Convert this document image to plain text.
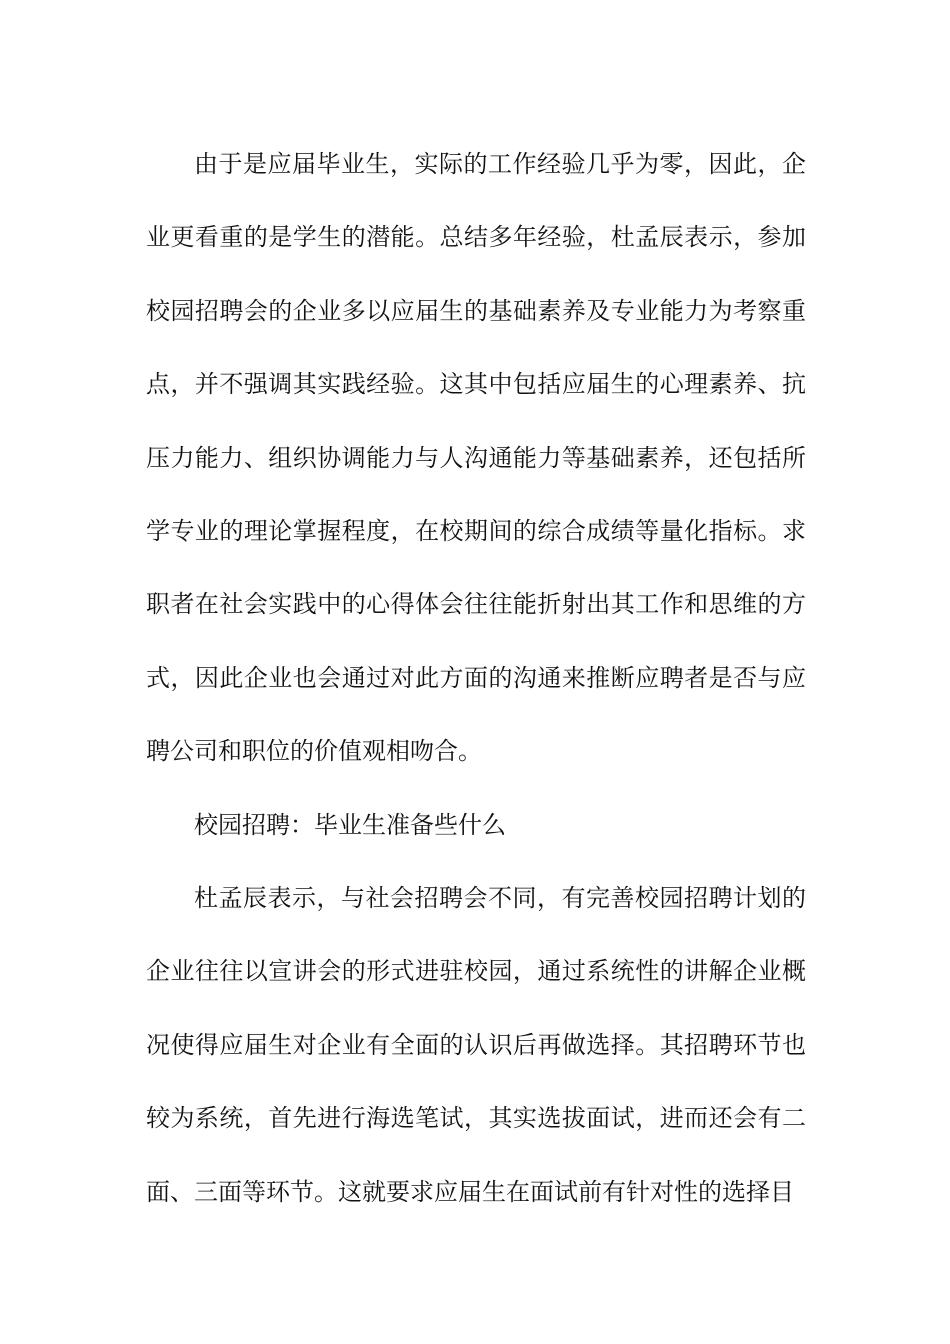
由于是应届毕业生，实际的工作经验几乎为零，因此，企业更看重的是学生的潜能。总结多年经验，杜孟辰表示，参加校园招聘会的企业多以应届生的基础素养及专业能力为考察重点，并不强调其实践经验。这其中包括应届生的心理素养、抗压力能力、组织协调能力与人沟通能力等基础素养，还包括所学专业的理论掌握程度，在校期间的综合成绩等量化指标。求职者在社会实践中的心得体会往往能折射出其工作和思维的方式，因此企业也会通过对此方面的沟通来推断应聘者是否与应聘公司和职位的价值观相吻合。

校园招聘：毕业生准备些什么

杜孟辰表示，与社会招聘会不同，有完善校园招聘计划的企业往往以宣讲会的形式进驻校园，通过系统性的讲解企业概况使得应届生对企业有全面的认识后再做选择。其招聘环节也较为系统，首先进行海选笔试，其实选拔面试，进而还会有二面、三面等环节。这就要求应届生在面试前有针对性的选择目
